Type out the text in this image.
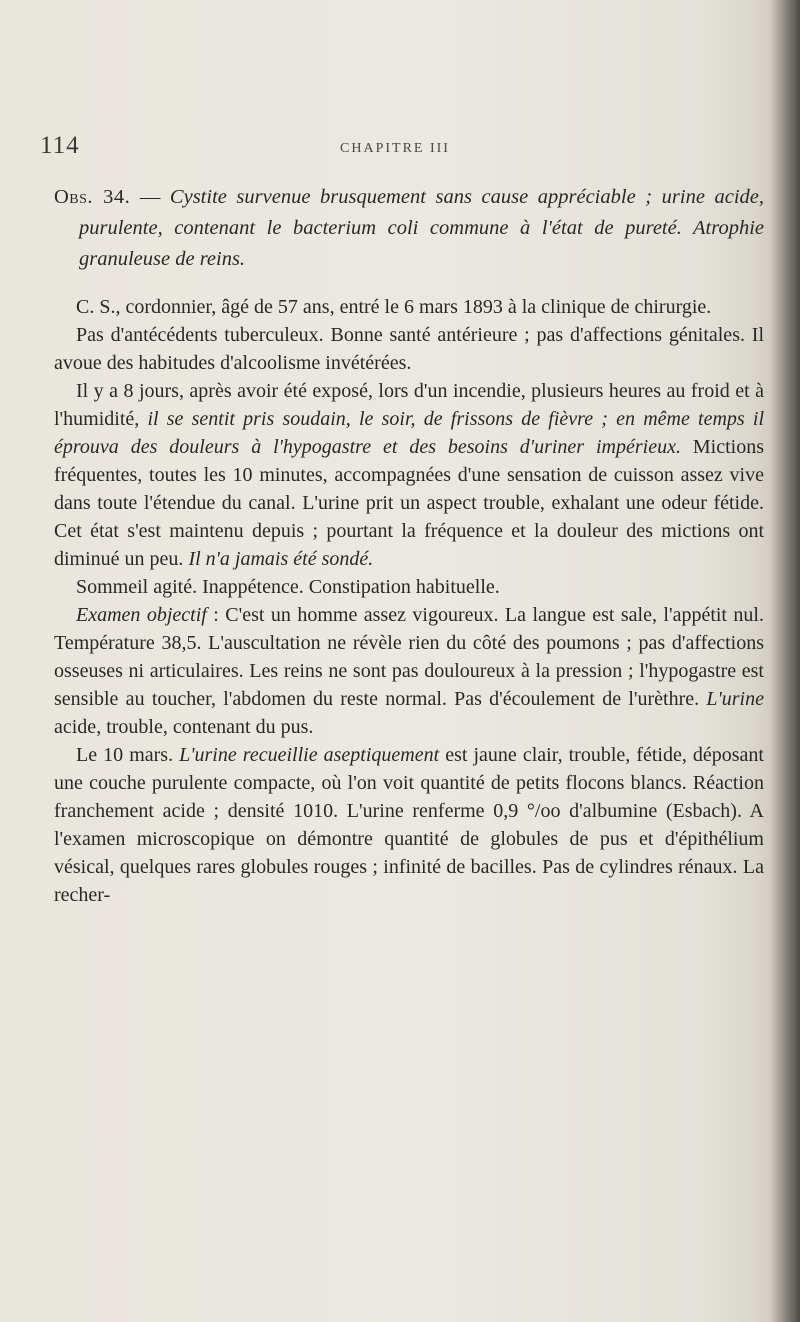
114	CHAPITRE III

Obs. 34. — Cystite survenue brusquement sans cause appréciable ; urine acide, purulente, contenant le bacterium coli commune à l'état de pureté. Atrophie granuleuse de reins.

C. S., cordonnier, âgé de 57 ans, entré le 6 mars 1893 à la clinique de chirurgie.

Pas d'antécédents tuberculeux. Bonne santé antérieure ; pas d'affections génitales. Il avoue des habitudes d'alcoolisme invétérées.

Il y a 8 jours, après avoir été exposé, lors d'un incendie, plusieurs heures au froid et à l'humidité, il se sentit pris soudain, le soir, de frissons de fièvre ; en même temps il éprouva des douleurs à l'hypogastre et des besoins d'uriner impérieux. Mictions fréquentes, toutes les 10 minutes, accompagnées d'une sensation de cuisson assez vive dans toute l'étendue du canal. L'urine prit un aspect trouble, exhalant une odeur fétide. Cet état s'est maintenu depuis ; pourtant la fréquence et la douleur des mictions ont diminué un peu. Il n'a jamais été sondé.

Sommeil agité. Inappétence. Constipation habituelle.

Examen objectif : C'est un homme assez vigoureux. La langue est sale, l'appétit nul. Température 38,5. L'auscultation ne révèle rien du côté des poumons ; pas d'affections osseuses ni articulaires. Les reins ne sont pas douloureux à la pression ; l'hypogastre est sensible au toucher, l'abdomen du reste normal. Pas d'écoulement de l'urèthre. L'urine acide, trouble, contenant du pus.

Le 10 mars. L'urine recueillie aseptiquement est jaune clair, trouble, fétide, déposant une couche purulente compacte, où l'on voit quantité de petits flocons blancs. Réaction franchement acide ; densité 1010. L'urine renferme 0,9 °/oo d'albumine (Esbach). A l'examen microscopique on démontre quantité de globules de pus et d'épithélium vésical, quelques rares globules rouges ; infinité de bacilles. Pas de cylindres rénaux. La recher-
